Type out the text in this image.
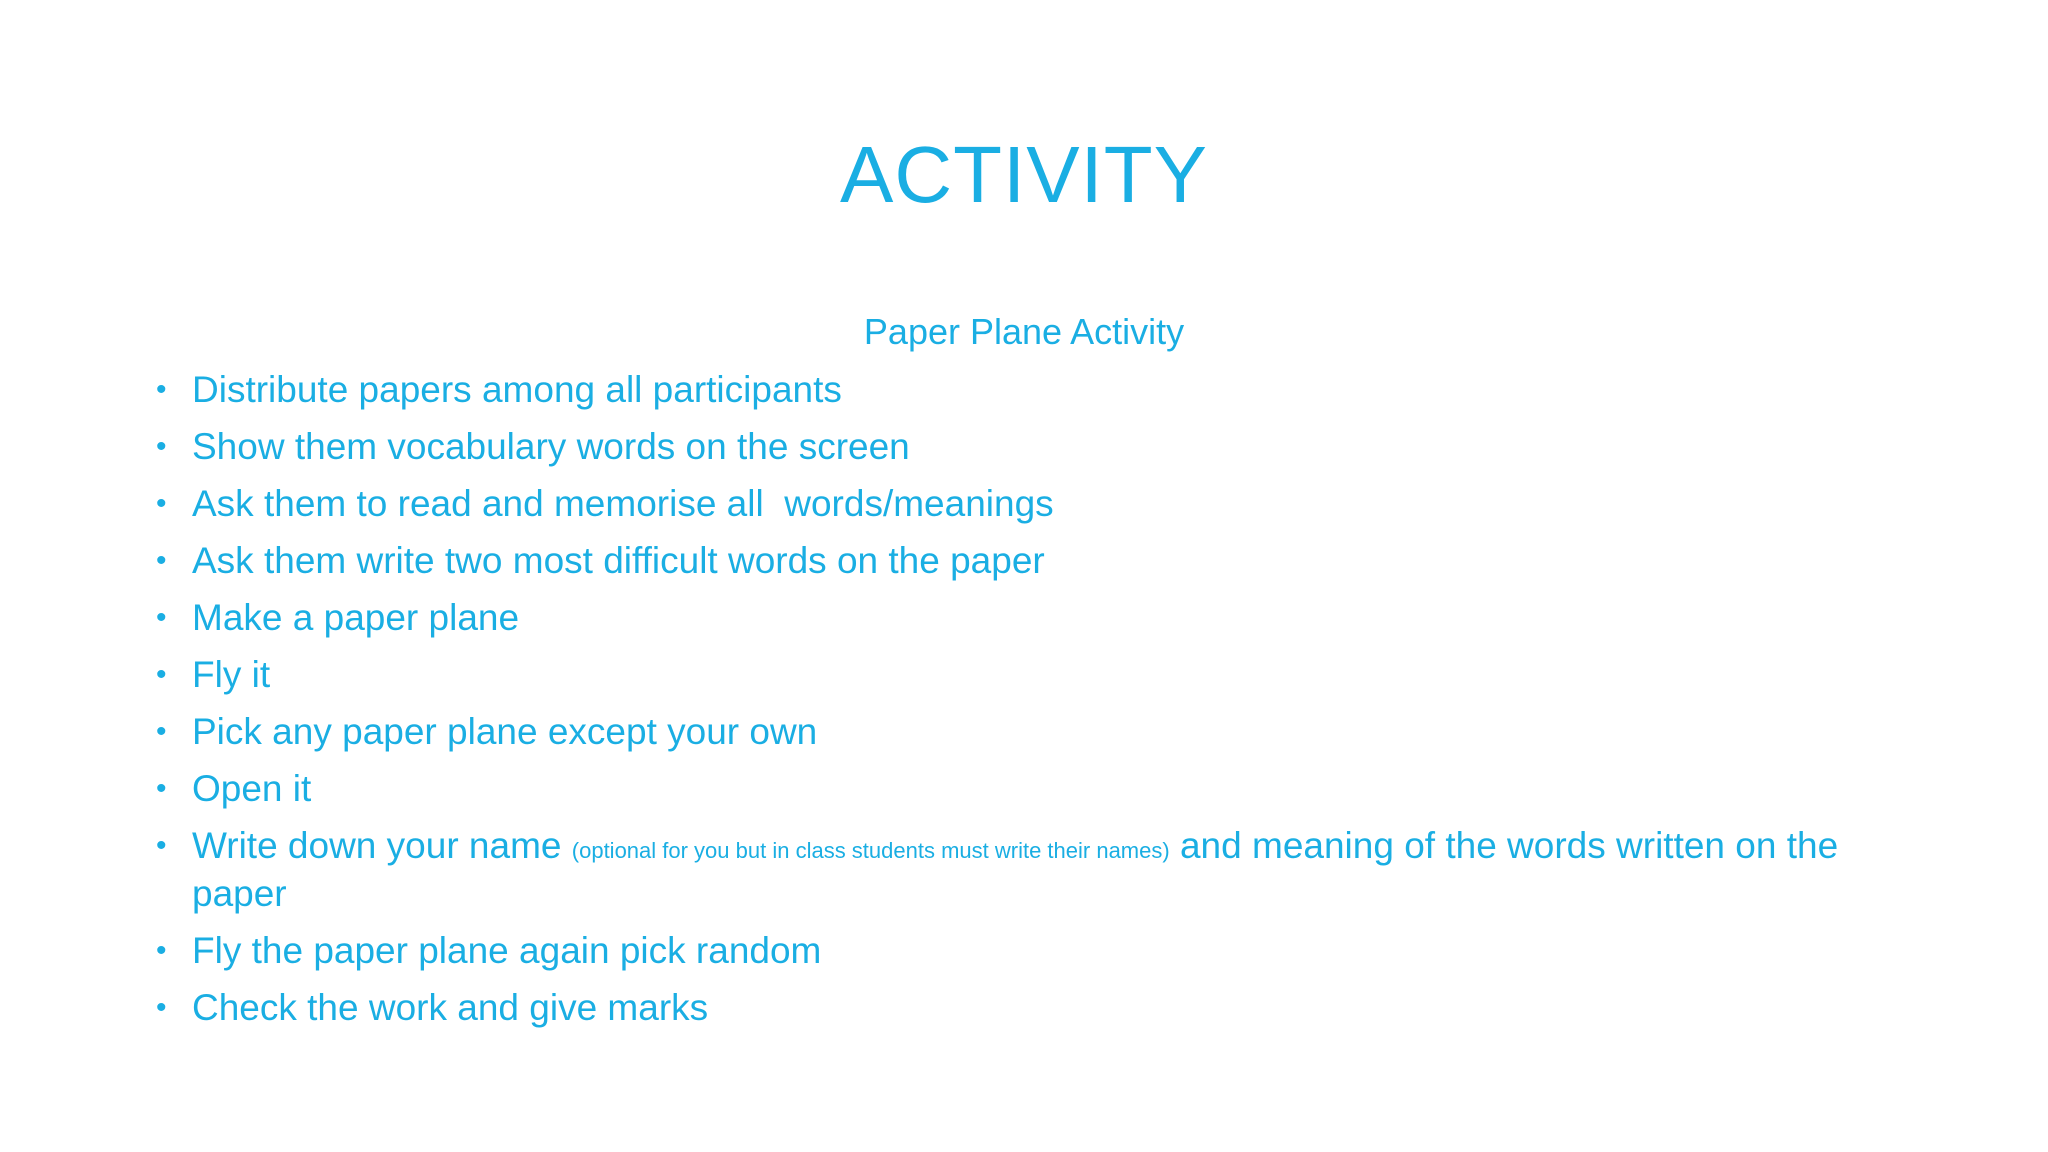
ACTIVITY
Paper Plane Activity
• Distribute papers among all participants
• Show them vocabulary words on the screen
• Ask them to read and memorise all  words/meanings
• Ask them write two most difficult words on the paper
• Make a paper plane
• Fly it
• Pick any paper plane except your own
• Open it
• Write down your name (optional for you but in class students must write their names) and meaning of the words written on the paper
• Fly the paper plane again pick random
• Check the work and give marks
